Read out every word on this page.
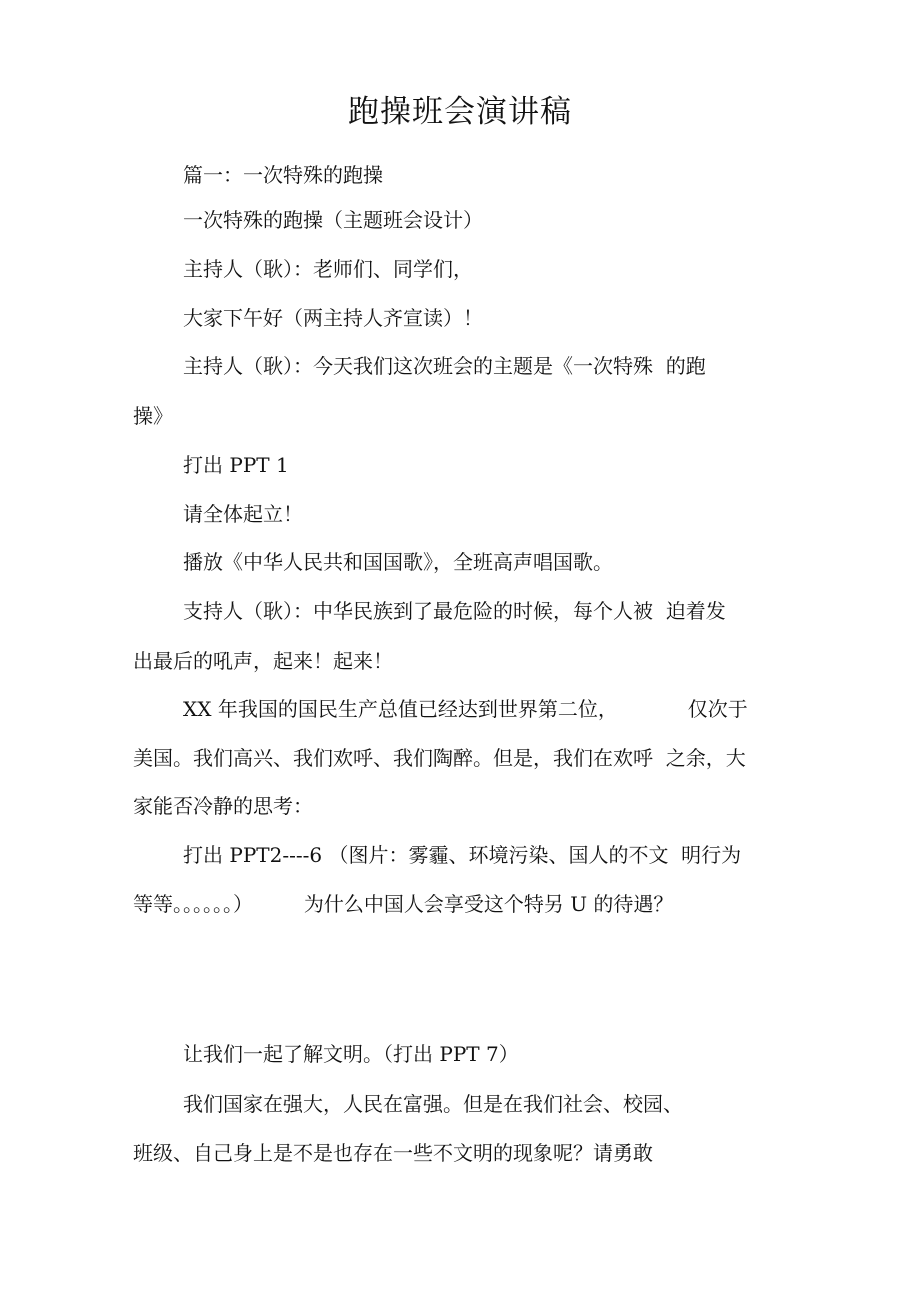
跑操班会演讲稿
篇一：一次特殊的跑操
一次特殊的跑操（主题班会设计）
主持人（耿）：老师们、同学们，
大家下午好（两主持人齐宣读）！
主持人（耿）：今天我们这次班会的主题是《一次特殊  的跑
操》
打出 PPT 1
请全体起立！
播放《中华人民共和国国歌》，全班高声唱国歌。
支持人（耿）：中华民族到了最危险的时候，每个人被  迫着发
出最后的吼声，起来！起来！
XX 年我国的国民生产总值已经达到世界第二位，           仅次于
美国。我们高兴、我们欢呼、我们陶醉。但是，我们在欢呼  之余，大
家能否冷静的思考：
打出 PPT2----6 （图片：雾霾、环境污染、国人的不文  明行为
等等。。。。。。）        为什么中国人会享受这个特另 U 的待遇？
让我们一起了解文明。（打出 PPT 7）
我们国家在强大，人民在富强。但是在我们社会、校园、
班级、自己身上是不是也存在一些不文明的现象呢？请勇敢
